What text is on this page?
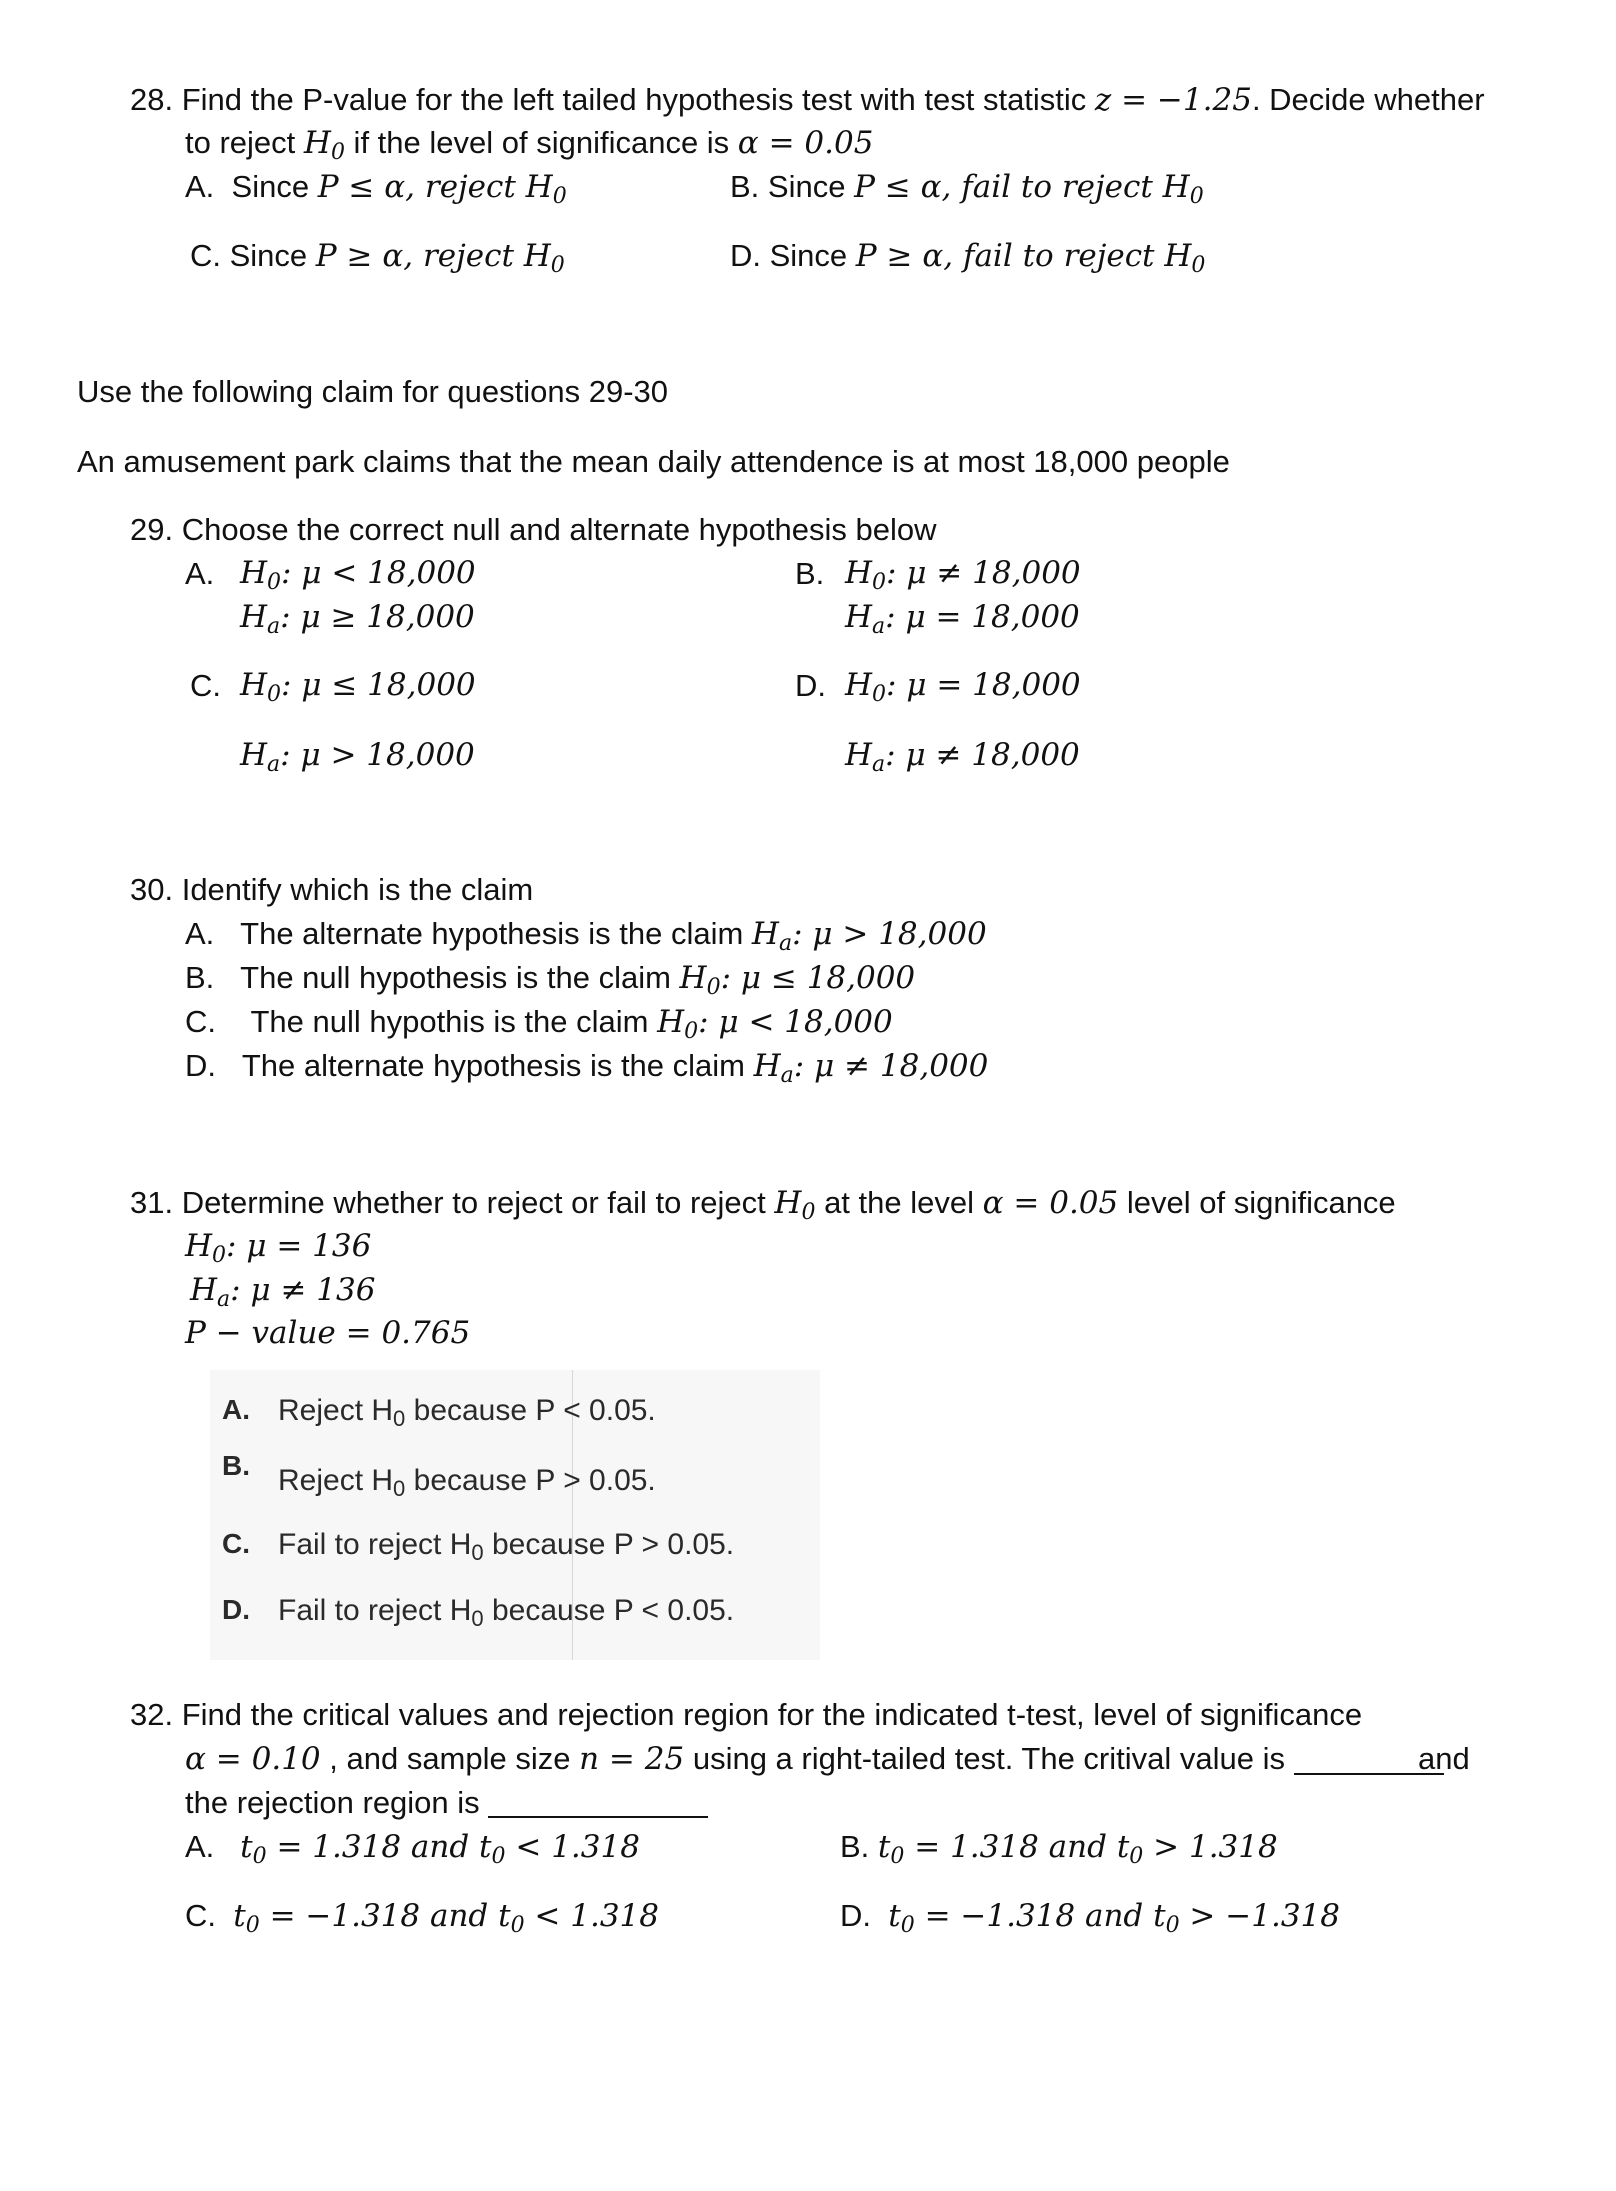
28. Find the P-value for the left tailed hypothesis test with test statistic z = −1.25. Decide whether
to reject $H_0$ if the level of significance is α = 0.05
A. Since P ≤ α, reject $H_0$	B. Since P ≤ α, fail to reject $H_0$
C. Since P ≥ α, reject $H_0$	D. Since P ≥ α, fail to reject $H_0$
Use the following claim for questions 29-30
An amusement park claims that the mean daily attendence is at most 18,000 people
29. Choose the correct null and alternate hypothesis below
A. $H_0$: μ < 18,000
$H_a$: μ ≥ 18,000
B. $H_0$: μ ≠ 18,000
$H_a$: μ = 18,000
C. $H_0$: μ ≤ 18,000
$H_a$: μ > 18,000
D. $H_0$: μ = 18,000
$H_a$: μ ≠ 18,000
30. Identify which is the claim
A. The alternate hypothesis is the claim $H_a$: μ > 18,000
B. The null hypothesis is the claim $H_0$: μ ≤ 18,000
C. The null hypothis is the claim $H_0$: μ < 18,000
D. The alternate hypothesis is the claim $H_a$: μ ≠ 18,000
31. Determine whether to reject or fail to reject $H_0$ at the level α = 0.05 level of significance
$H_0$: μ = 136
$H_a$: μ ≠ 136
P − value = 0.765
A. Reject $H_0$ because P < 0.05.
B. Reject $H_0$ because P > 0.05.
C. Fail to reject $H_0$ because P > 0.05.
D. Fail to reject $H_0$ because P < 0.05.
32. Find the critical values and rejection region for the indicated t-test, level of significance
α = 0.10 , and sample size n = 25 using a right-tailed test. The critival value is	and
the rejection region is
A. $t_0 = 1.318$ and $t_0 < 1.318$	B. $t_0 = 1.318$ and $t_0 > 1.318$
C. $t_0 = -1.318$ and $t_0 < 1.318$	D. $t_0 = -1.318$ and $t_0 > -1.318$
